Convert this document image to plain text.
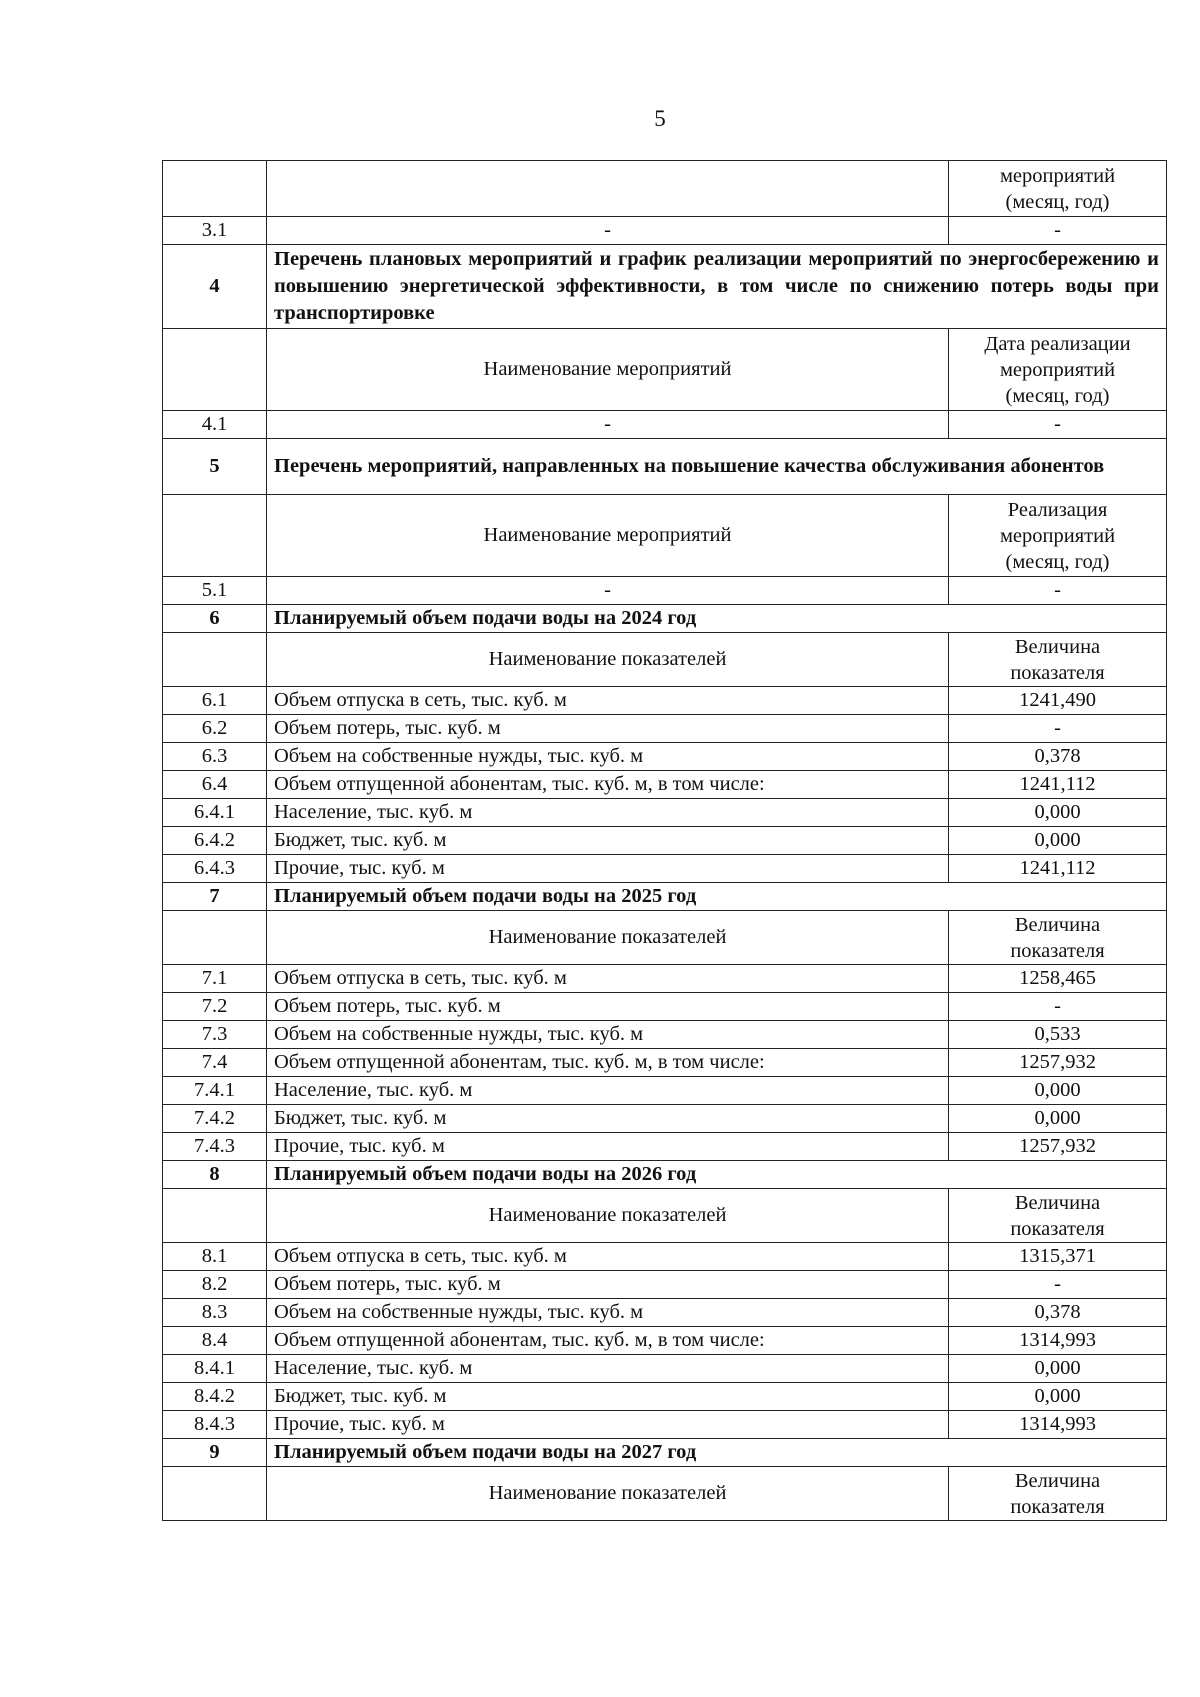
5
		мероприятий
(месяц, год)
3.1	-	-
4	Перечень плановых мероприятий и график реализации мероприятий по энергосбережению и повышению энергетической эффективности, в том числе по снижению потерь воды при транспортировке	
	Наименование мероприятий	Дата реализации
мероприятий
(месяц, год)
4.1	-	-
5	Перечень мероприятий, направленных на повышение качества обслуживания абонентов	
	Наименование мероприятий	Реализация
мероприятий
(месяц, год)
5.1	-	-
6	Планируемый объем подачи воды на 2024 год	
	Наименование показателей	Величина
показателя
6.1	Объем отпуска в сеть, тыс. куб. м	1241,490
6.2	Объем потерь, тыс. куб. м	-
6.3	Объем на собственные нужды, тыс. куб. м	0,378
6.4	Объем отпущенной абонентам, тыс. куб. м, в том числе:	1241,112
6.4.1	Население, тыс. куб. м	0,000
6.4.2	Бюджет, тыс. куб. м	0,000
6.4.3	Прочие, тыс. куб. м	1241,112
7	Планируемый объем подачи воды на 2025 год	
	Наименование показателей	Величина
показателя
7.1	Объем отпуска в сеть, тыс. куб. м	1258,465
7.2	Объем потерь, тыс. куб. м	-
7.3	Объем на собственные нужды, тыс. куб. м	0,533
7.4	Объем отпущенной абонентам, тыс. куб. м, в том числе:	1257,932
7.4.1	Население, тыс. куб. м	0,000
7.4.2	Бюджет, тыс. куб. м	0,000
7.4.3	Прочие, тыс. куб. м	1257,932
8	Планируемый объем подачи воды на 2026 год	
	Наименование показателей	Величина
показателя
8.1	Объем отпуска в сеть, тыс. куб. м	1315,371
8.2	Объем потерь, тыс. куб. м	-
8.3	Объем на собственные нужды, тыс. куб. м	0,378
8.4	Объем отпущенной абонентам, тыс. куб. м, в том числе:	1314,993
8.4.1	Население, тыс. куб. м	0,000
8.4.2	Бюджет, тыс. куб. м	0,000
8.4.3	Прочие, тыс. куб. м	1314,993
9	Планируемый объем подачи воды на 2027 год	
	Наименование показателей	Величина
показателя
